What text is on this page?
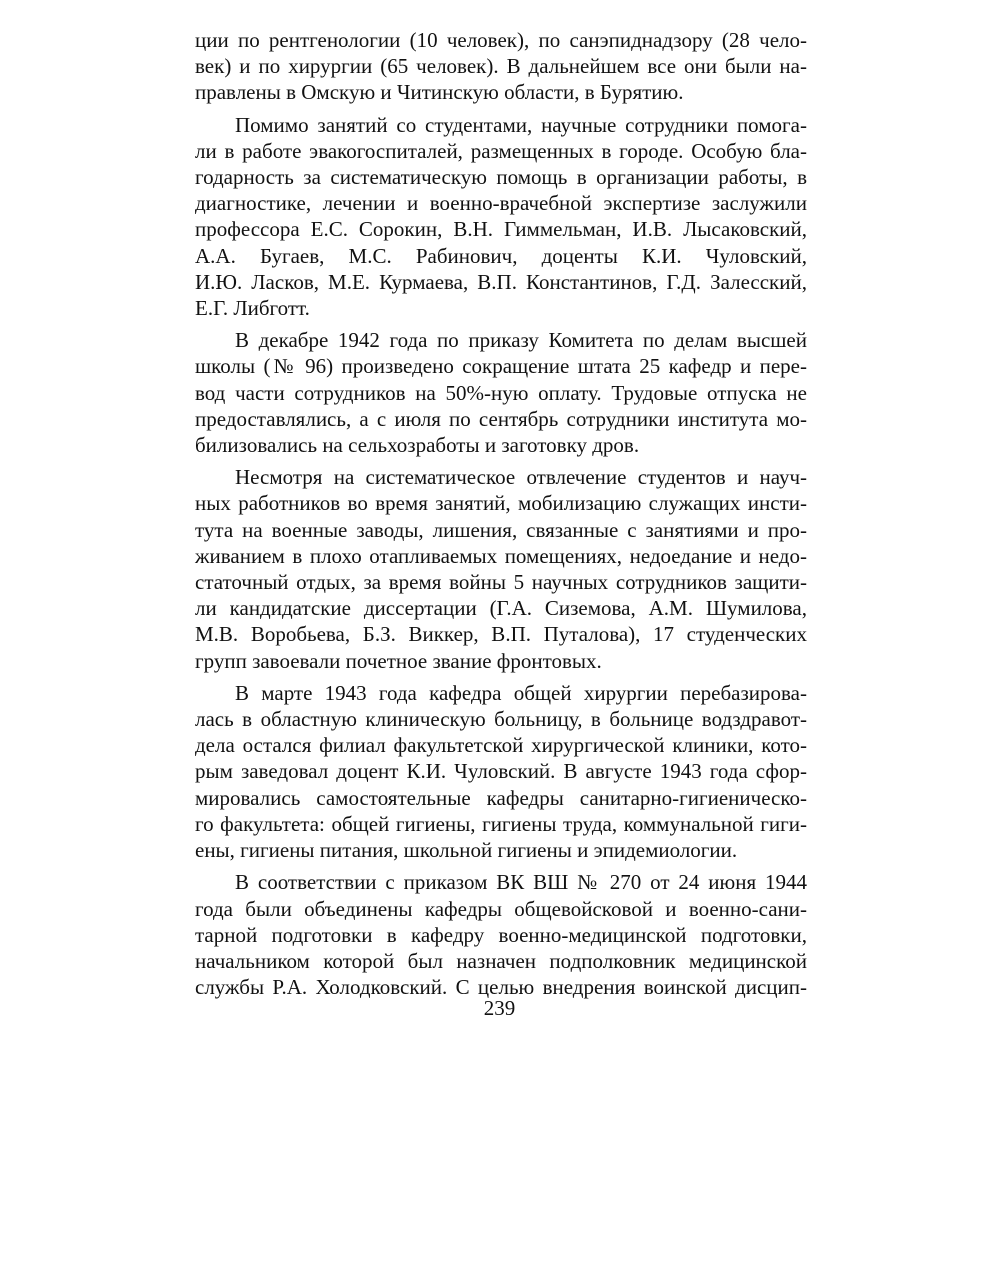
ции по рентгенологии (10 человек), по санэпиднадзору (28 чело-
век) и по хирургии (65 человек). В дальнейшем все они были на-
правлены в Омскую и Читинскую области, в Бурятию.

Помимо занятий со студентами, научные сотрудники помога-
ли в работе эвакогоспиталей, размещенных в городе. Особую бла-
годарность за систематическую помощь в организации работы, в
диагностике, лечении и военно-врачебной экспертизе заслужили
профессора Е.С. Сорокин, В.Н. Гиммельман, И.В. Лысаковский,
А.А. Бугаев, М.С. Рабинович, доценты К.И. Чуловский,
И.Ю. Ласков, М.Е. Курмаева, В.П. Константинов, Г.Д. Залесский,
Е.Г. Либготт.

В декабре 1942 года по приказу Комитета по делам высшей
школы (№ 96) произведено сокращение штата 25 кафедр и пере-
вод части сотрудников на 50%-ную оплату. Трудовые отпуска не
предоставлялись, а с июля по сентябрь сотрудники института мо-
билизовались на сельхозработы и заготовку дров.

Несмотря на систематическое отвлечение студентов и науч-
ных работников во время занятий, мобилизацию служащих инсти-
тута на военные заводы, лишения, связанные с занятиями и про-
живанием в плохо отапливаемых помещениях, недоедание и недо-
статочный отдых, за время войны 5 научных сотрудников защити-
ли кандидатские диссертации (Г.А. Сиземова, А.М. Шумилова,
М.В. Воробьева, Б.З. Виккер, В.П. Путалова), 17 студенческих
групп завоевали почетное звание фронтовых.

В марте 1943 года кафедра общей хирургии перебазирова-
лась в областную клиническую больницу, в больнице водздравот-
дела остался филиал факультетской хирургической клиники, кото-
рым заведовал доцент К.И. Чуловский. В августе 1943 года сфор-
мировались самостоятельные кафедры санитарно-гигиеническо-
го факультета: общей гигиены, гигиены труда, коммунальной гиги-
ены, гигиены питания, школьной гигиены и эпидемиологии.

В соответствии с приказом ВК ВШ № 270 от 24 июня 1944
года были объединены кафедры общевойсковой и военно-сани-
тарной подготовки в кафедру военно-медицинской подготовки,
начальником которой был назначен подполковник медицинской
службы Р.А. Холодковский. С целью внедрения воинской дисцип-

239
